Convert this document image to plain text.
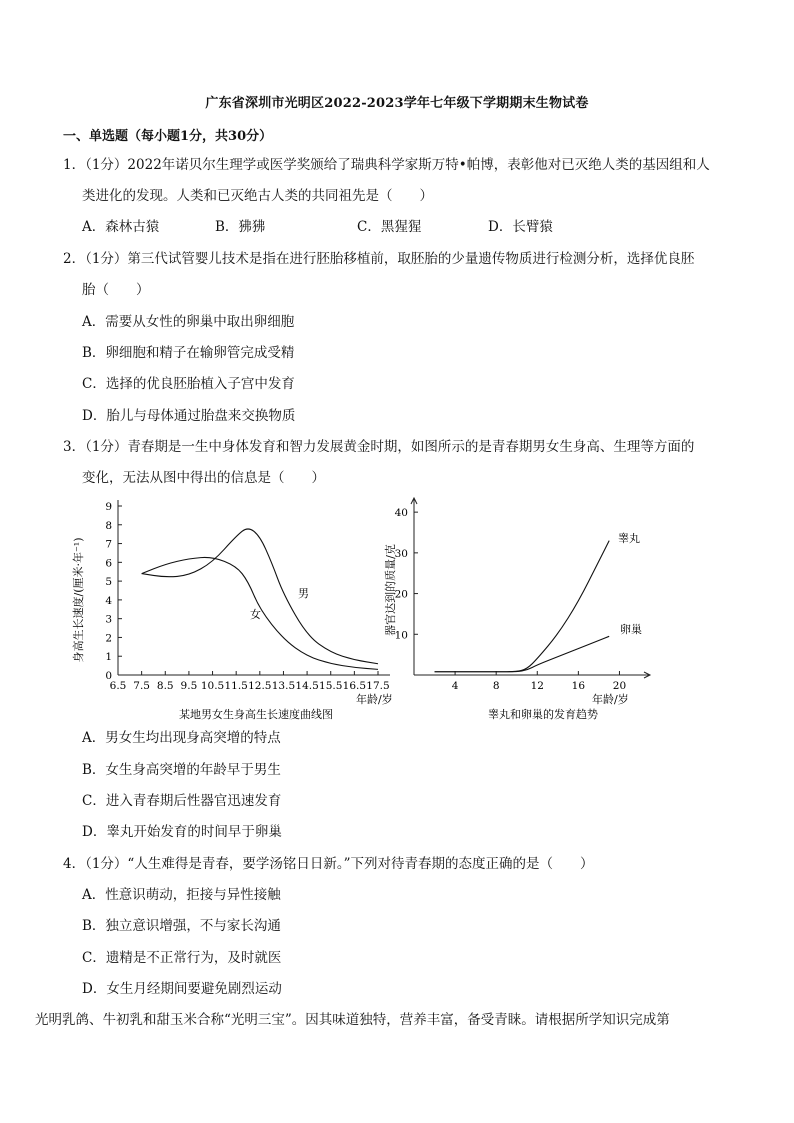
广东省深圳市光明区2022-2023学年七年级下学期期末生物试卷
一、单选题（每小题1分，共30分）
1．（1分）2022年诺贝尔生理学或医学奖颁给了瑞典科学家斯万特•帕博，表彰他对已灭绝人类的基因组和人
类进化的发现。人类和已灭绝古人类的共同祖先是（　　）
A．森林古猿	B．狒狒	C．黑猩猩	D．长臂猿
2．（1分）第三代试管婴儿技术是指在进行胚胎移植前，取胚胎的少量遗传物质进行检测分析，选择优良胚
胎（　　）
A．需要从女性的卵巢中取出卵细胞
B．卵细胞和精子在输卵管完成受精
C．选择的优良胚胎植入子宫中发育
D．胎儿与母体通过胎盘来交换物质
3．（1分）青春期是一生中身体发育和智力发展黄金时期，如图所示的是青春期男女生身高、生理等方面的
变化，无法从图中得出的信息是（　　）
6.5 7.5 8.5 9.5 10.5 11.5 12.5 13.5 14.5 15.5 16.5 17.5
0
1
2
3
4
5
6
7
8
9
身高生长速度/(厘米·年⁻¹)
年龄/岁
某地男女生身高生长速度曲线图
男
女
4	8	12	16	20
10
20
30
40
器官达到的质量/克
年龄/岁
睾丸和卵巢的发育趋势
睾丸
卵巢
A．男女生均出现身高突增的特点
B．女生身高突增的年龄早于男生
C．进入青春期后性器官迅速发育
D．睾丸开始发育的时间早于卵巢
4．（1分）“人生难得是青春，要学汤铭日日新。”下列对待青春期的态度正确的是（　　）
A．性意识萌动，拒接与异性接触
B．独立意识增强，不与家长沟通
C．遗精是不正常行为，及时就医
D．女生月经期间要避免剧烈运动
光明乳鸽、牛初乳和甜玉米合称“光明三宝”。因其味道独特，营养丰富，备受青睐。请根据所学知识完成第
